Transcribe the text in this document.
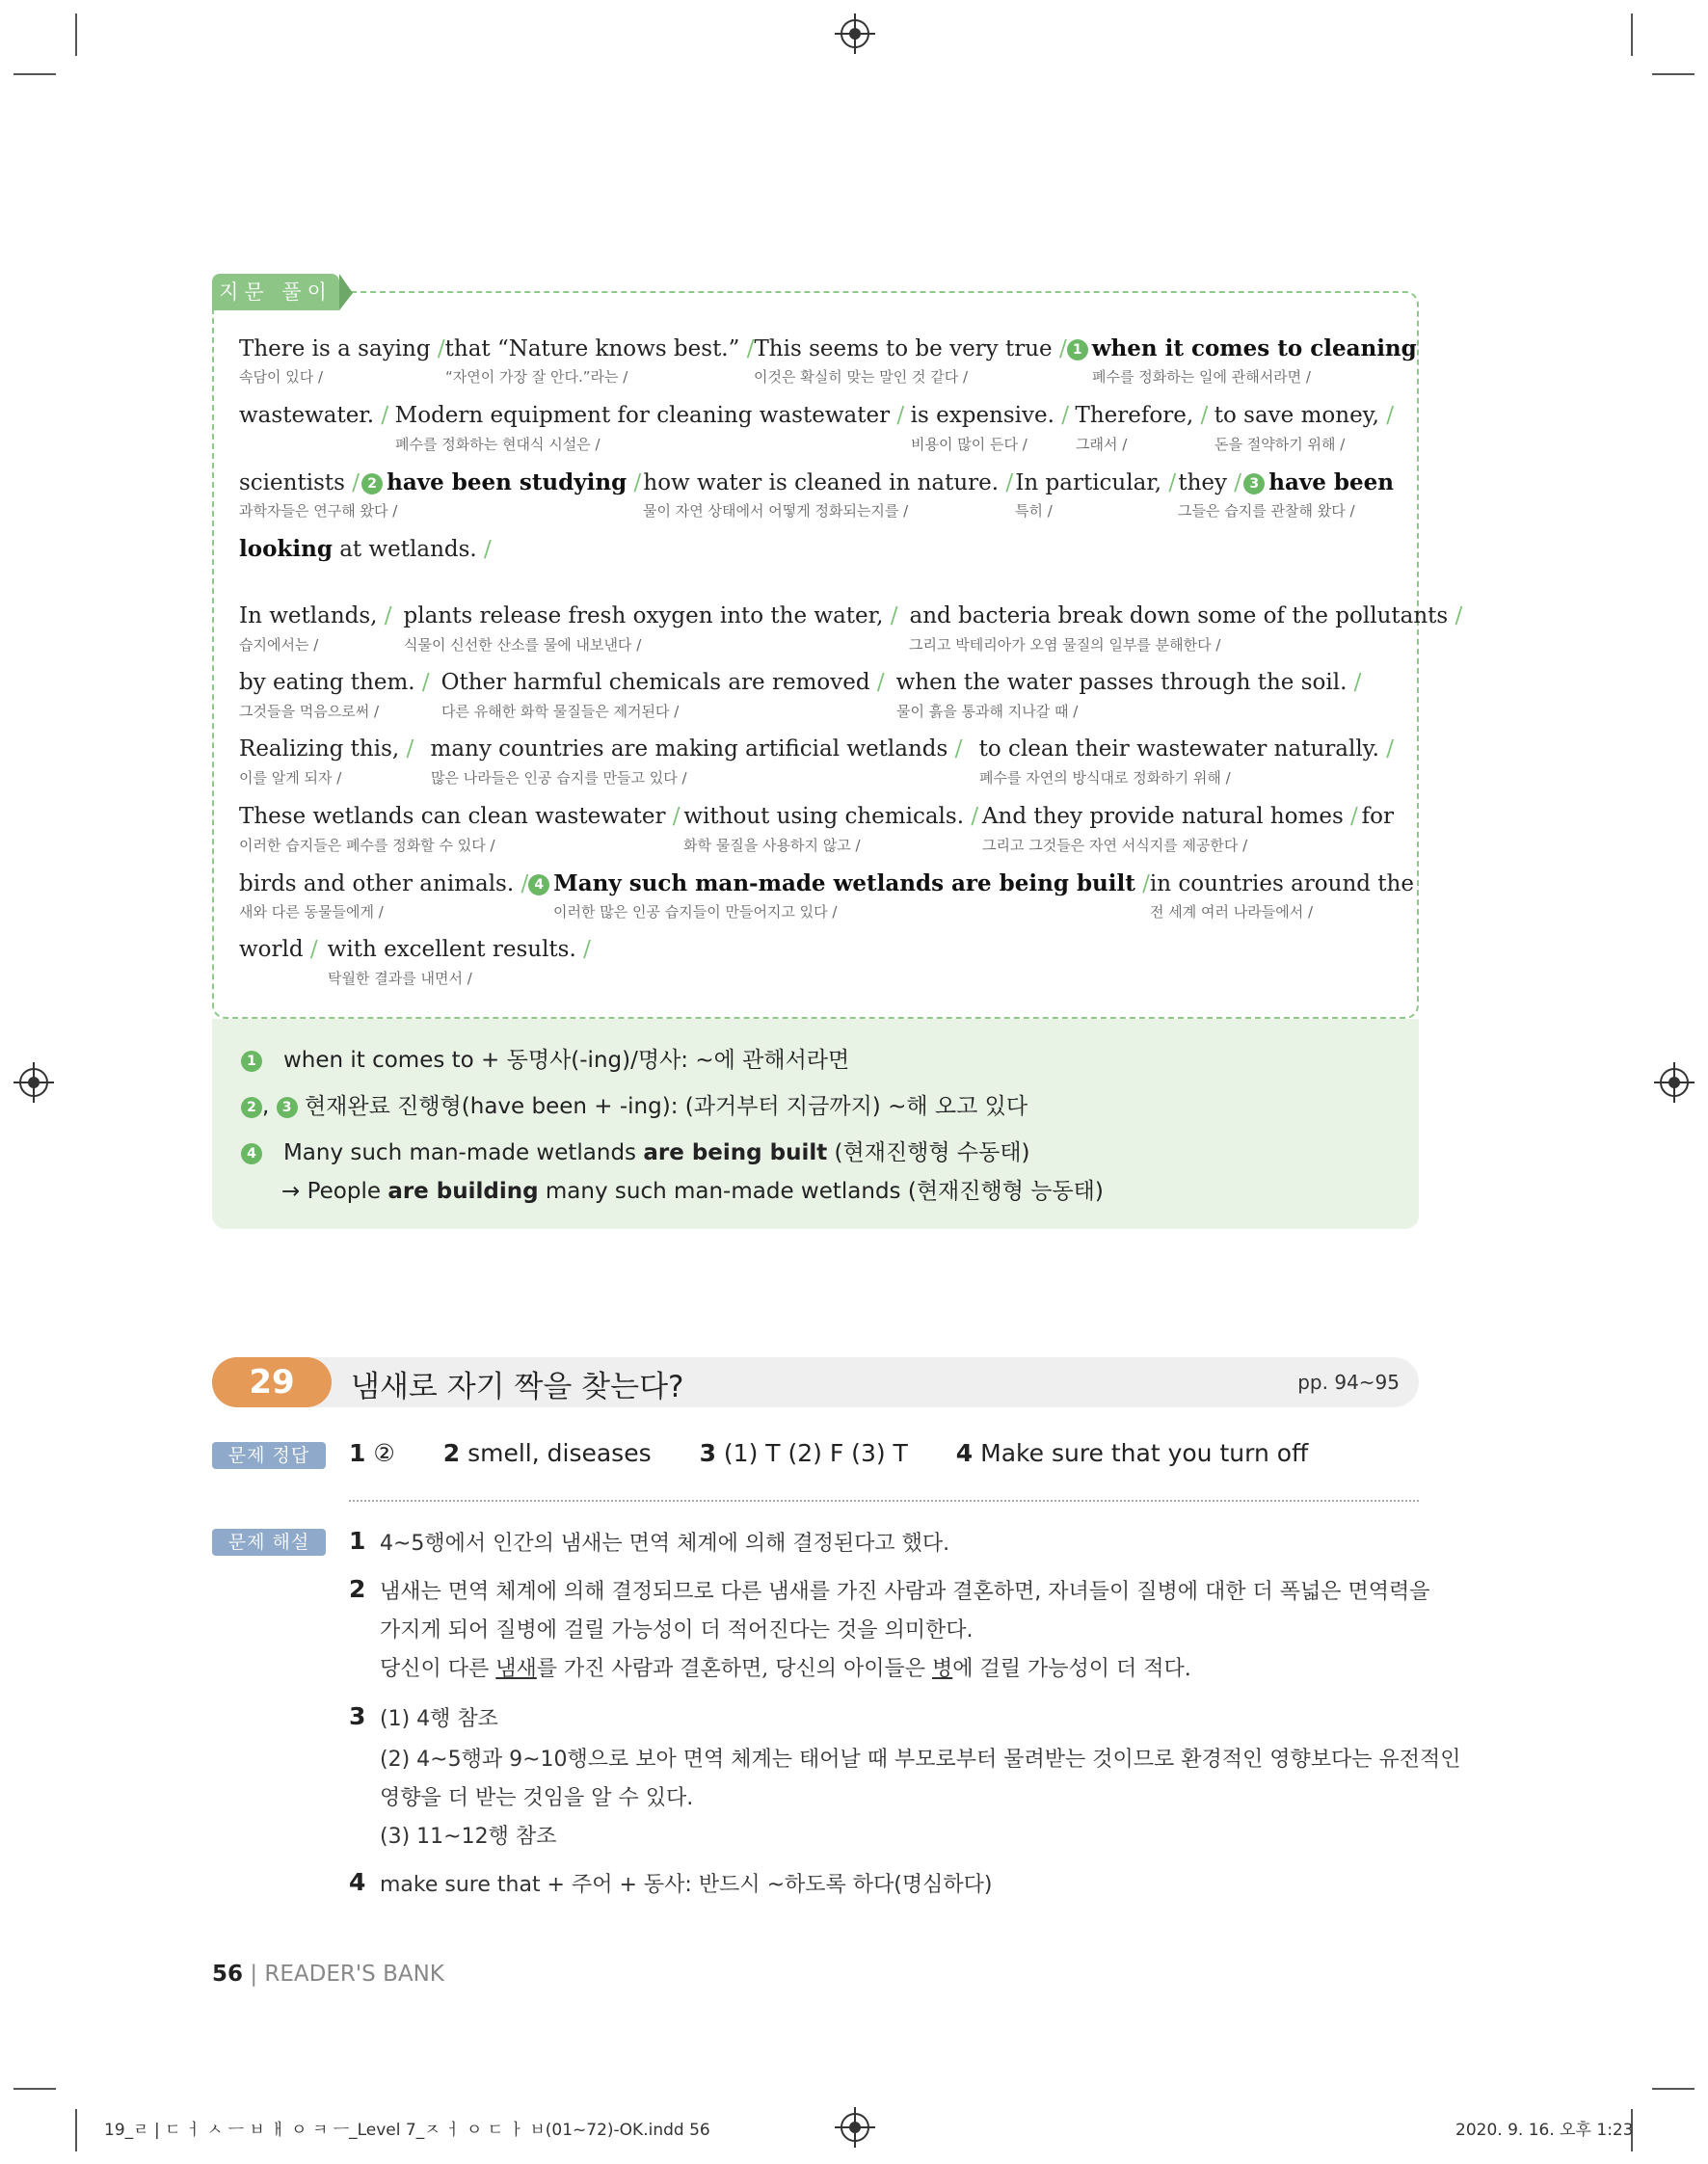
지문 풀이
There is a saying / that “Nature knows best.” / This seems to be very true / 1 when it comes to cleaning
속담이 있다 /	“자연이 가장 잘 안다.”라는 /	이것은 확실히 맞는 말인 것 같다 /	폐수를 정화하는 일에 관해서라면 /
wastewater. / Modern equipment for cleaning wastewater / is expensive. / Therefore, / to save money, /
폐수를 정화하는 현대식 시설은 /	비용이 많이 든다 /	그래서 /	돈을 절약하기 위해 /
scientists / 2 have been studying / how water is cleaned in nature. / In particular, / they / 3 have been
과학자들은 연구해 왔다 /	물이 자연 상태에서 어떻게 정화되는지를 /	특히 /	그들은 습지를 관찰해 왔다 /
looking at wetlands. /
In wetlands, / plants release fresh oxygen into the water, / and bacteria break down some of the pollutants /
습지에서는 /	식물이 신선한 산소를 물에 내보낸다 /	그리고 박테리아가 오염 물질의 일부를 분해한다 /
by eating them. / Other harmful chemicals are removed / when the water passes through the soil. /
그것들을 먹음으로써 /	다른 유해한 화학 물질들은 제거된다 /	물이 흙을 통과해 지나갈 때 /
Realizing this, / many countries are making artificial wetlands / to clean their wastewater naturally. /
이를 알게 되자 /	많은 나라들은 인공 습지를 만들고 있다 /	폐수를 자연의 방식대로 정화하기 위해 /
These wetlands can clean wastewater / without using chemicals. / And they provide natural homes / for
이러한 습지들은 폐수를 정화할 수 있다 /	화학 물질을 사용하지 않고 /	그리고 그것들은 자연 서식지를 제공한다 /
birds and other animals. / 4 Many such man-made wetlands are being built / in countries around the
새와 다른 동물들에게 /	이러한 많은 인공 습지들이 만들어지고 있다 /	전 세계 여러 나라들에서 /
world / with excellent results. /
탁월한 결과를 내면서 /
1 when it comes to + 동명사(-ing)/명사: ~에 관해서라면
2 , 3 현재완료 진행형(have been + -ing): (과거부터 지금까지) ~해 오고 있다
4 Many such man-made wetlands are being built (현재진행형 수동태)
→ People are building many such man-made wetlands (현재진행형 능동태)
29	냄새로 자기 짝을 찾는다?	pp. 94~95
문제 정답	1 ② 2 smell, diseases 3 (1) T (2) F (3) T 4 Make sure that you turn off
문제 해설	1 4~5행에서 인간의 냄새는 면역 체계에 의해 결정된다고 했다.
2 냄새는 면역 체계에 의해 결정되므로 다른 냄새를 가진 사람과 결혼하면, 자녀들이 질병에 대한 더 폭넓은 면역력을
가지게 되어 질병에 걸릴 가능성이 더 적어진다는 것을 의미한다.
당신이 다른 냄새를 가진 사람과 결혼하면, 당신의 아이들은 병에 걸릴 가능성이 더 적다.
3 (1) 4행 참조
(2) 4~5행과 9~10행으로 보아 면역 체계는 태어날 때 부모로부터 물려받는 것이므로 환경적인 영향보다는 유전적인
영향을 더 받는 것임을 알 수 있다.
(3) 11~12행 참조
4 make sure that + 주어 + 동사: 반드시 ~하도록 하다(명심하다)
56 | READER'S BANK
19_ㄹ | ㄷ ㅓ ㅅ ㅡ ㅂ ㅐ ㅇ ㅋ ㅡ_Level 7_ㅈ ㅓ ㅇ ㄷ ㅏ ㅂ(01~72)-OK.indd 56	2020. 9. 16. 오후 1:23
